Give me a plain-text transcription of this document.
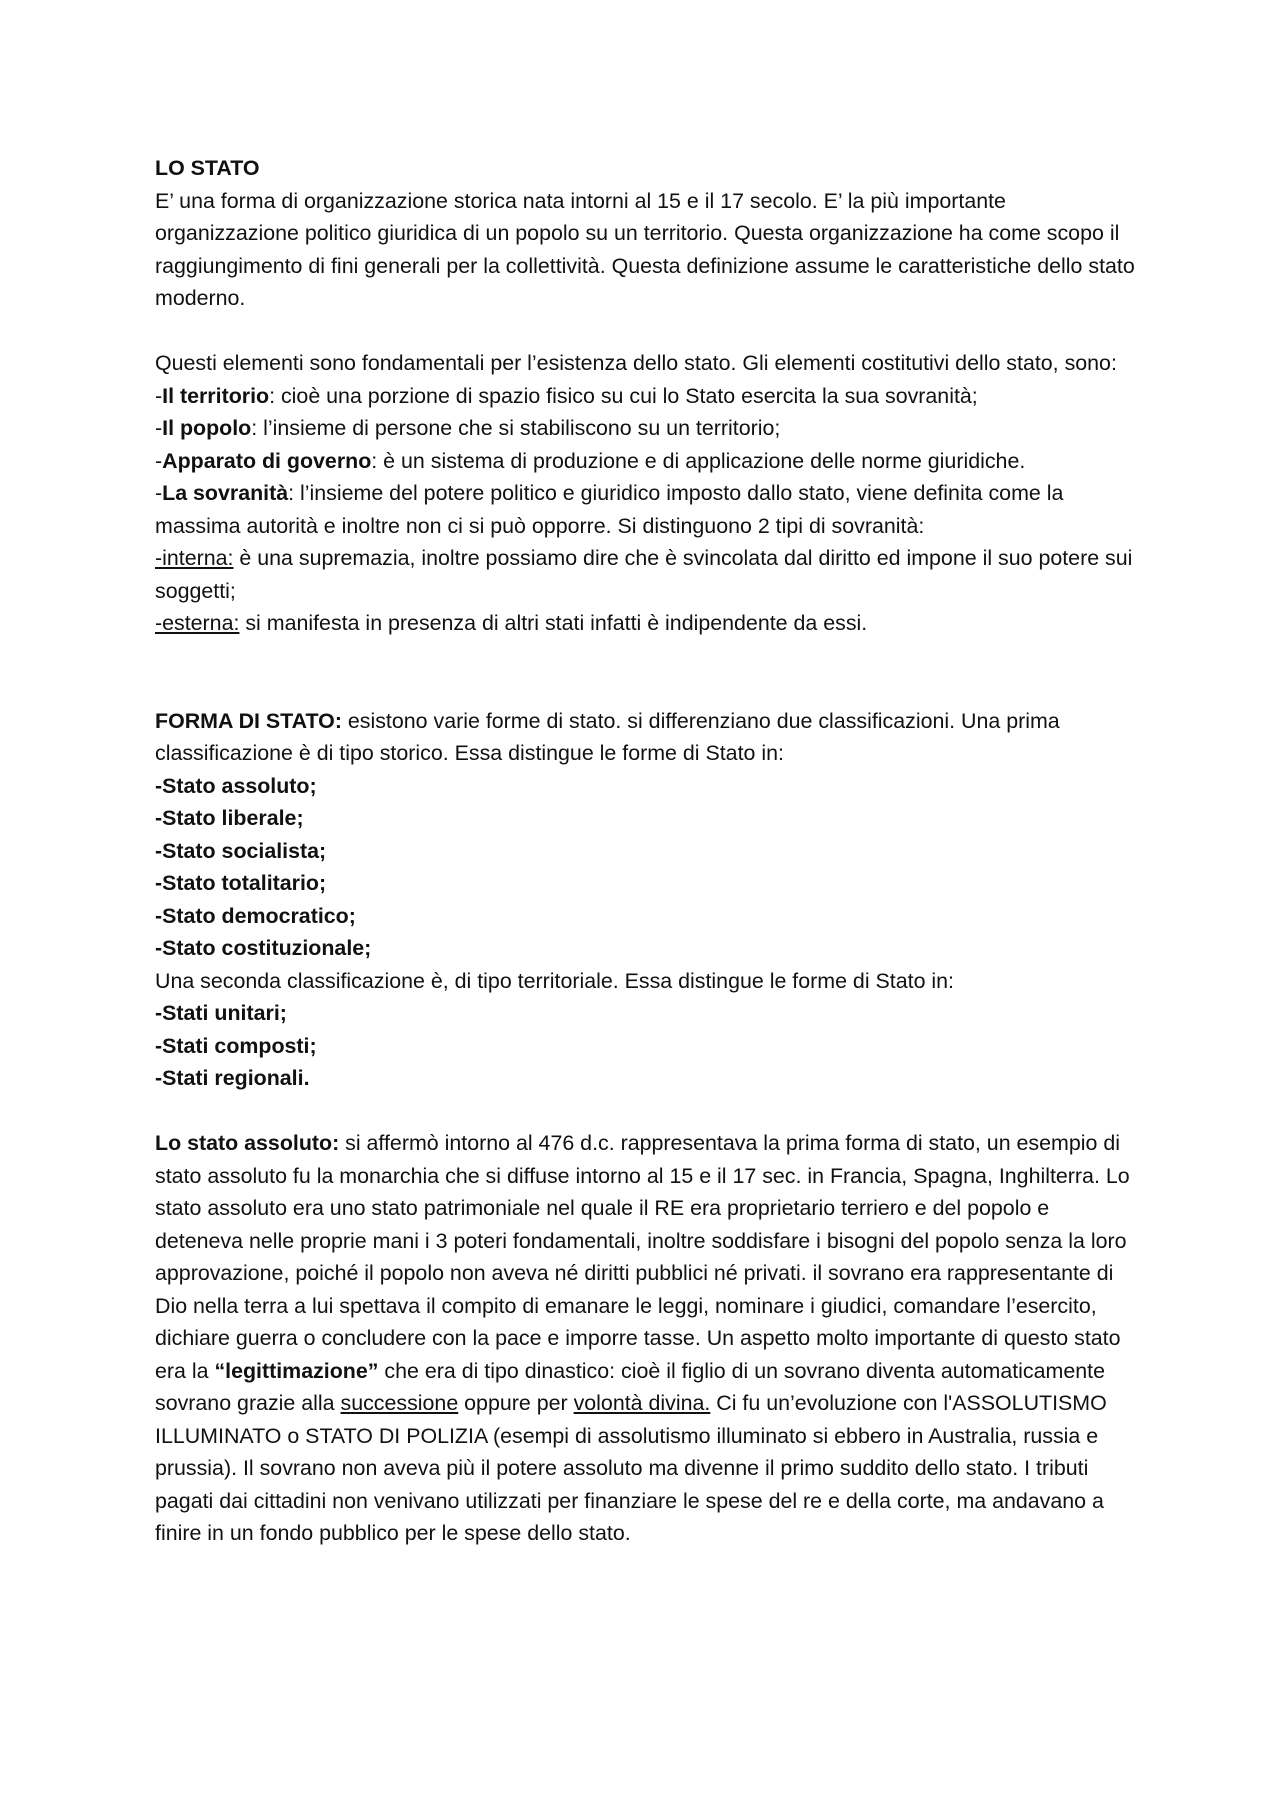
LO STATO

E’ una forma di organizzazione storica nata intorni al 15 e il 17 secolo. E’ la più importante organizzazione politico giuridica di un popolo su un territorio. Questa organizzazione ha come scopo il raggiungimento di fini generali per la collettività. Questa definizione assume le caratteristiche dello stato moderno.

Questi elementi sono fondamentali per l’esistenza dello stato. Gli elementi costitutivi dello stato, sono:

-Il territorio: cioè una porzione di spazio fisico su cui lo Stato esercita la sua sovranità;

-Il popolo: l’insieme di persone che si stabiliscono su un territorio;

-Apparato di governo: è un sistema di produzione e di applicazione delle norme giuridiche.

-La sovranità: l’insieme del potere politico e giuridico imposto dallo stato, viene definita come la massima autorità e inoltre non ci si può opporre. Si distinguono 2 tipi di sovranità:

-interna: è una supremazia, inoltre possiamo dire che è svincolata dal diritto ed impone il suo potere sui soggetti;

-esterna: si manifesta in presenza di altri stati infatti è indipendente da essi.

FORMA DI STATO: esistono varie forme di stato. si differenziano due classificazioni. Una prima classificazione è di tipo storico. Essa distingue le forme di Stato in:

-Stato assoluto;

-Stato liberale;

-Stato socialista;

-Stato totalitario;

-Stato democratico;

-Stato costituzionale;

Una seconda classificazione è, di tipo territoriale. Essa distingue le forme di Stato in:

-Stati unitari;

-Stati composti;

-Stati regionali.

Lo stato assoluto: si affermò intorno al 476 d.c. rappresentava la prima forma di stato, un esempio di stato assoluto fu la monarchia che si diffuse intorno al 15 e il 17 sec. in Francia, Spagna, Inghilterra. Lo stato assoluto era uno stato patrimoniale nel quale il RE era proprietario terriero e del popolo e deteneva nelle proprie mani i 3 poteri fondamentali, inoltre soddisfare i bisogni del popolo senza la loro approvazione, poiché il popolo non aveva né diritti pubblici né privati. il sovrano era rappresentante di Dio nella terra a lui spettava il compito di emanare le leggi, nominare i giudici, comandare l’esercito, dichiare guerra o concludere con la pace e imporre tasse. Un aspetto molto importante di questo stato era la “legittimazione” che era di tipo dinastico: cioè il figlio di un sovrano diventa automaticamente sovrano grazie alla successione oppure per volontà divina. Ci fu un’evoluzione con l'ASSOLUTISMO ILLUMINATO o STATO DI POLIZIA (esempi di assolutismo illuminato si ebbero in Australia, russia e prussia). Il sovrano non aveva più il potere assoluto ma divenne il primo suddito dello stato. I tributi pagati dai cittadini non venivano utilizzati per finanziare le spese del re e della corte, ma andavano a finire in un fondo pubblico per le spese dello stato.
